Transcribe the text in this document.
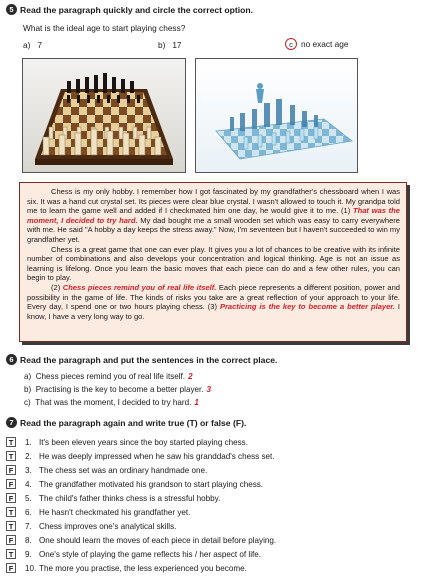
5 Read the paragraph quickly and circle the correct option.
What is the ideal age to start playing chess?
a) 7	b) 17	c no exact age

Chess is my only hobby. I remember how I got fascinated by my grandfather's chessboard when I was six. It was a hand cut crystal set. Its pieces were clear blue crystal. I wasn't allowed to touch it. My grandpa told me to learn the game well and added if I checkmated him one day, he would give it to me. (1) That was the moment, I decided to try hard. My dad bought me a small wooden set which was easy to carry everywhere with me. He said "A hobby a day keeps the stress away." Now, I'm seventeen but I haven't succeeded to win my grandfather yet.

Chess is a great game that one can ever play. It gives you a lot of chances to be creative with its infinite number of combinations and also develops your concentration and logical thinking. Age is not an issue as learning is lifelong. Once you learn the basic moves that each piece can do and a few other rules, you can begin to play.

(2) Chess pieces remind you of real life itself. Each piece represents a different position, power and possibility in the game of life. The kinds of risks you take are a great reflection of your approach to your life. Every day, I spend one or two hours playing chess. (3) Practicing is the key to become a better player. I know, I have a very long way to go.

6 Read the paragraph and put the sentences in the correct place.
a) Chess pieces remind you of real life itself. 2
b) Practising is the key to become a better player. 3
c) That was the moment, I decided to try hard. 1
7 Read the paragraph again and write true (T) or false (F).
T	1. It's been eleven years since the boy started playing chess.
T	2. He was deeply impressed when he saw his granddad's chess set.
F	3. The chess set was an ordinary handmade one.
F	4. The grandfather motivated his grandson to start playing chess.
F	5. The child's father thinks chess is a stressful hobby.
T	6. He hasn't checkmated his grandfather yet.
T	7. Chess improves one's analytical skills.
F	8. One should learn the moves of each piece in detail before playing.
T	9. One's style of playing the game reflects his / her aspect of life.
F	10. The more you practise, the less experienced you become.
